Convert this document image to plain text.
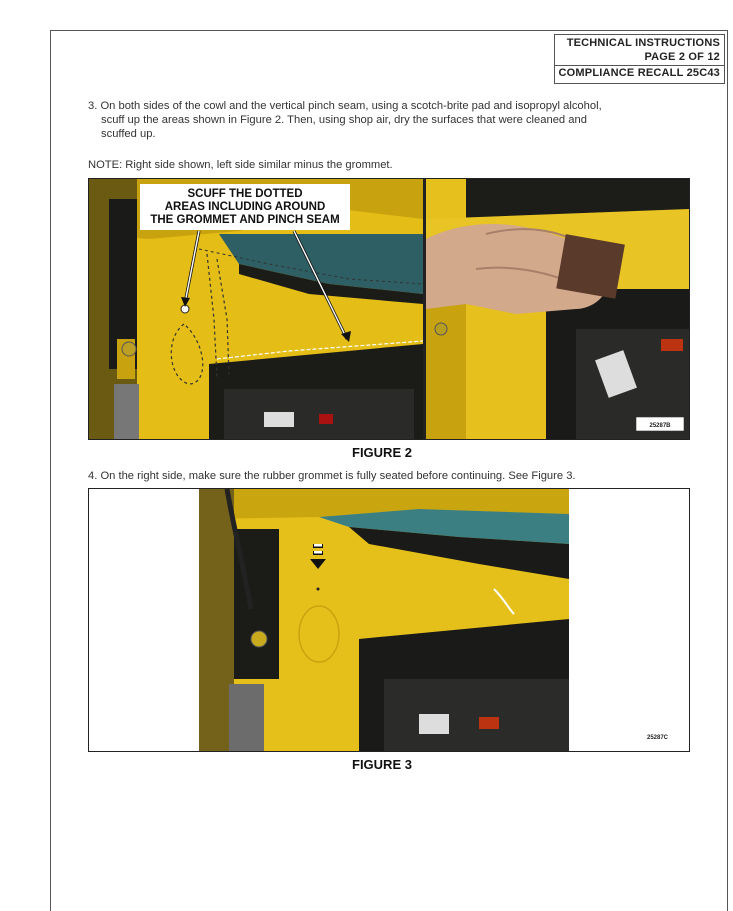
TECHNICAL INSTRUCTIONS
PAGE 2 OF 12
COMPLIANCE RECALL 25C43
3. On both sides of the cowl and the vertical pinch seam, using a scotch-brite pad and isopropyl alcohol,
scuff up the areas shown in Figure 2. Then, using shop air, dry the surfaces that were cleaned and
scuffed up.
NOTE: Right side shown, left side similar minus the grommet.
SCUFF THE DOTTED
AREAS INCLUDING AROUND
THE GROMMET AND PINCH SEAM
25287B
FIGURE 2
4. On the right side, make sure the rubber grommet is fully seated before continuing. See Figure 3.
25287C
FIGURE 3
